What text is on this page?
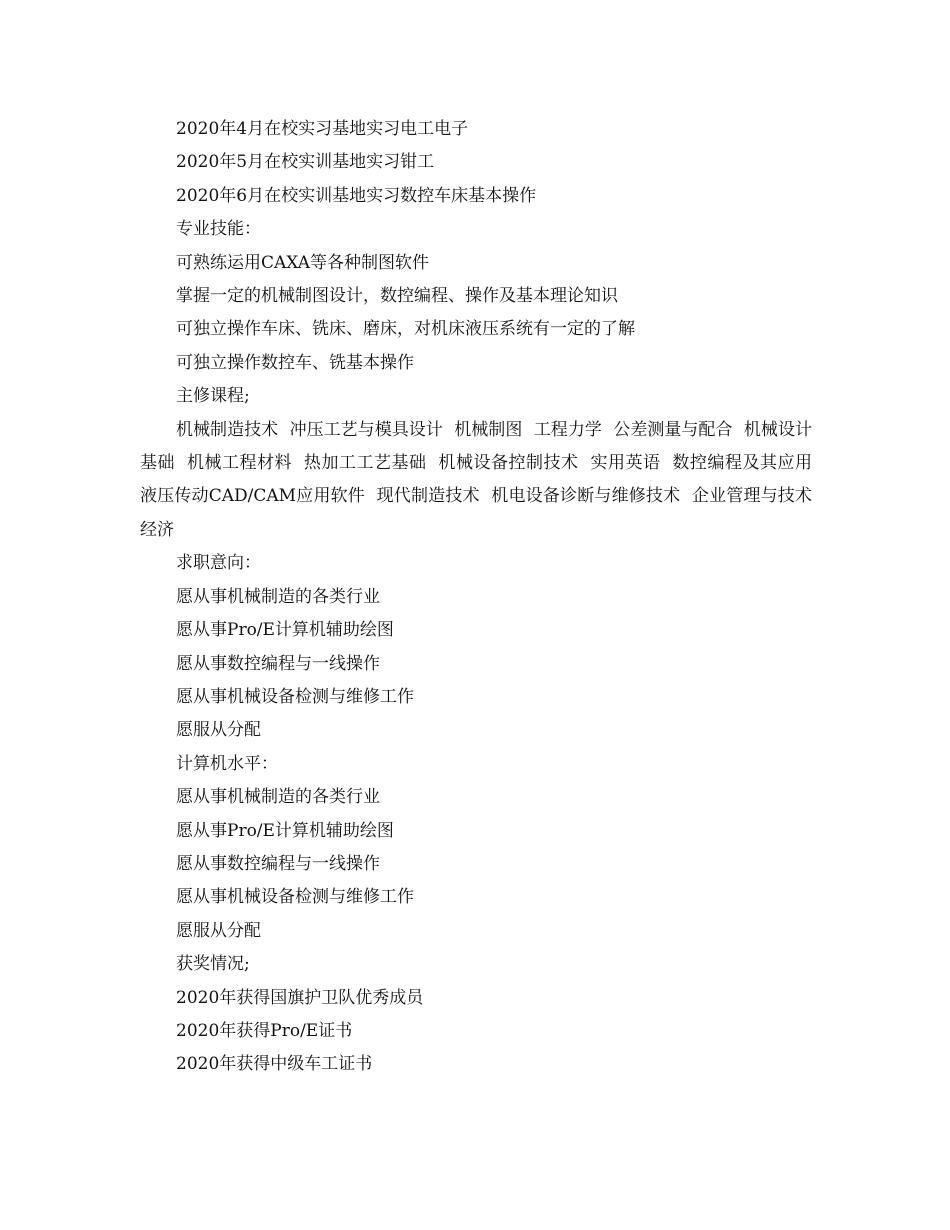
2020年4月在校实习基地实习电工电子

2020年5月在校实训基地实习钳工

2020年6月在校实训基地实习数控车床基本操作

专业技能：

可熟练运用CAXA等各种制图软件

掌握一定的机械制图设计，数控编程、操作及基本理论知识

可独立操作车床、铣床、磨床，对机床液压系统有一定的了解

可独立操作数控车、铣基本操作

主修课程;

机械制造技术 冲压工艺与模具设计 机械制图 工程力学 公差测量与配合 机械设计基础 机械工程材料 热加工工艺基础 机械设备控制技术 实用英语 数控编程及其应用 液压传动CAD/CAM应用软件 现代制造技术 机电设备诊断与维修技术 企业管理与技术经济

求职意向：

愿从事机械制造的各类行业

愿从事Pro/E计算机辅助绘图

愿从事数控编程与一线操作

愿从事机械设备检测与维修工作

愿服从分配

计算机水平：

愿从事机械制造的各类行业

愿从事Pro/E计算机辅助绘图

愿从事数控编程与一线操作

愿从事机械设备检测与维修工作

愿服从分配

获奖情况;

2020年获得国旗护卫队优秀成员

2020年获得Pro/E证书

2020年获得中级车工证书
